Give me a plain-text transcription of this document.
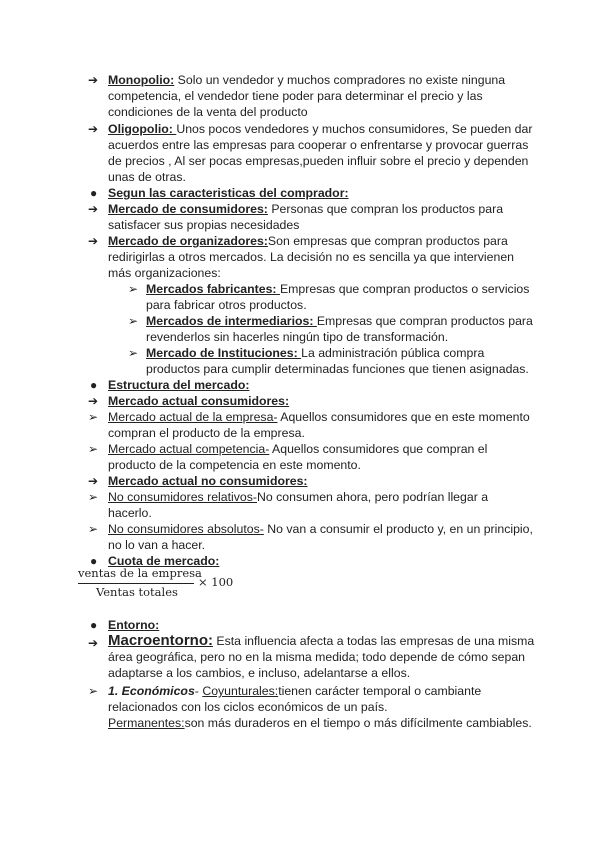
➔ Monopolio: Solo un vendedor y muchos compradores no existe ninguna
competencia, el vendedor tiene poder para determinar el precio y las
condiciones de la venta del producto
➔ Oligopolio: Unos pocos vendedores y muchos consumidores, Se pueden dar
acuerdos entre las empresas para cooperar o enfrentarse y provocar guerras
de precios , Al ser pocas empresas,pueden influir sobre el precio y dependen
unas de otras.
● Segun las caracteristicas del comprador:
➔ Mercado de consumidores: Personas que compran los productos para
satisfacer sus propias necesidades
➔ Mercado de organizadores:Son empresas que compran productos para
redirigirlas a otros mercados. La decisión no es sencilla ya que intervienen
más organizaciones:
➢ Mercados fabricantes: Empresas que compran productos o servicios
para fabricar otros productos.
➢ Mercados de intermediarios: Empresas que compran productos para
revenderlos sin hacerles ningún tipo de transformación.
➢ Mercado de Instituciones: La administración pública compra
productos para cumplir determinadas funciones que tienen asignadas.
● Estructura del mercado:
➔ Mercado actual consumidores:
➢ Mercado actual de la empresa- Aquellos consumidores que en este momento
compran el producto de la empresa.
➢ Mercado actual competencia- Aquellos consumidores que compran el
producto de la competencia en este momento.
➔ Mercado actual no consumidores:
➢ No consumidores relativos-No consumen ahora, pero podrían llegar a
hacerlo.
➢ No consumidores absolutos- No van a consumir el producto y, en un principio,
no lo van a hacer.
● Cuota de mercado:
ventas de la empresa
Ventas totales
× 100
● Entorno:
➔ Macroentorno: Esta influencia afecta a todas las empresas de una misma
área geográfica, pero no en la misma medida; todo depende de cómo sepan
adaptarse a los cambios, e incluso, adelantarse a ellos.
➢ 1. Económicos- Coyunturales:tienen carácter temporal o cambiante
relacionados con los ciclos económicos de un país.
Permanentes:son más duraderos en el tiempo o más difícilmente cambiables.
